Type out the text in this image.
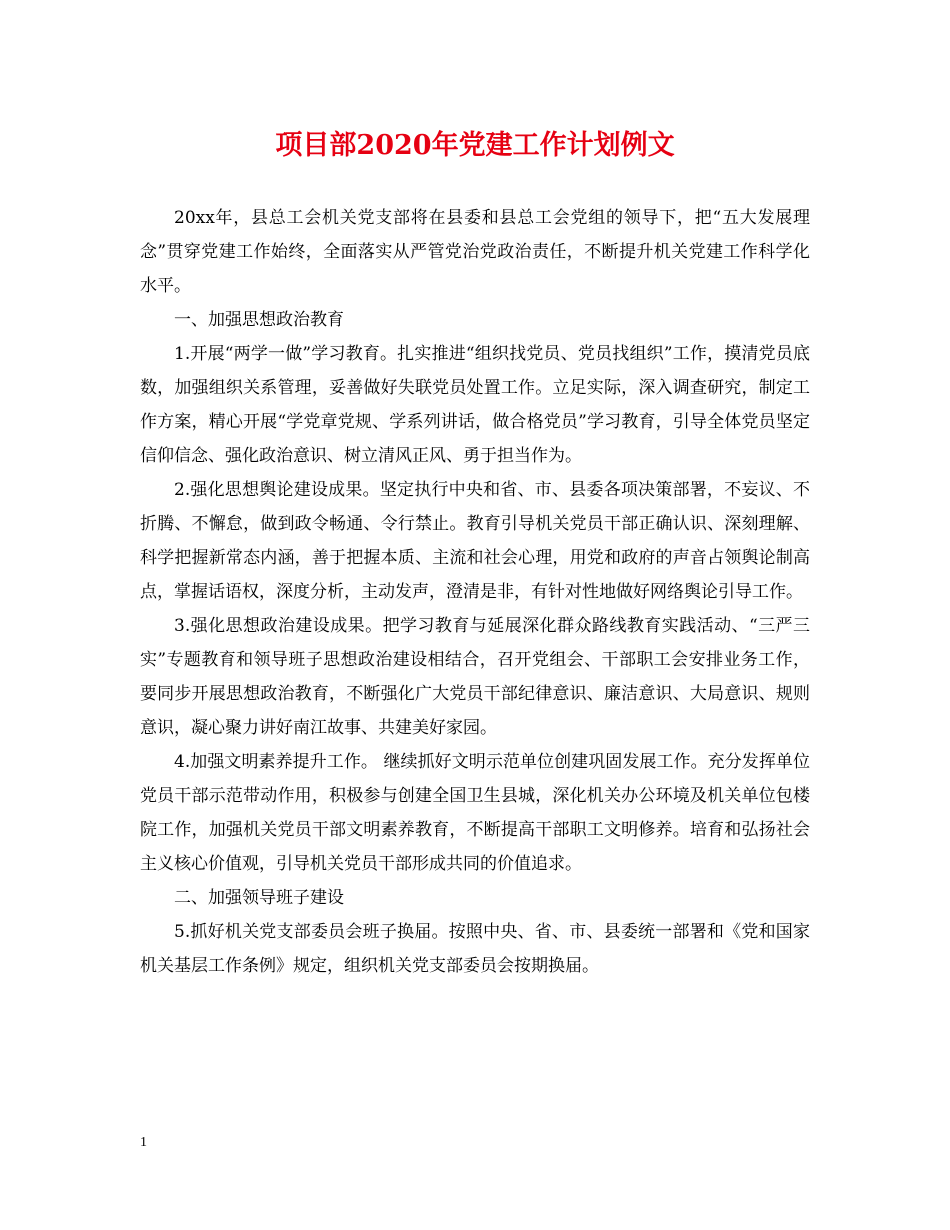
项目部2020年党建工作计划例文

20xx年，县总工会机关党支部将在县委和县总工会党组的领导下，把“五大发展理念”贯穿党建工作始终，全面落实从严管党治党政治责任，不断提升机关党建工作科学化水平。

一、加强思想政治教育

1.开展“两学一做”学习教育。扎实推进“组织找党员、党员找组织”工作，摸清党员底数，加强组织关系管理，妥善做好失联党员处置工作。立足实际，深入调查研究，制定工作方案，精心开展“学党章党规、学系列讲话，做合格党员”学习教育，引导全体党员坚定信仰信念、强化政治意识、树立清风正风、勇于担当作为。

2.强化思想舆论建设成果。坚定执行中央和省、市、县委各项决策部署，不妄议、不折腾、不懈怠，做到政令畅通、令行禁止。教育引导机关党员干部正确认识、深刻理解、科学把握新常态内涵，善于把握本质、主流和社会心理，用党和政府的声音占领舆论制高点，掌握话语权，深度分析，主动发声，澄清是非，有针对性地做好网络舆论引导工作。

3.强化思想政治建设成果。把学习教育与延展深化群众路线教育实践活动、“三严三实”专题教育和领导班子思想政治建设相结合，召开党组会、干部职工会安排业务工作，要同步开展思想政治教育，不断强化广大党员干部纪律意识、廉洁意识、大局意识、规则意识，凝心聚力讲好南江故事、共建美好家园。

4.加强文明素养提升工作。 继续抓好文明示范单位创建巩固发展工作。充分发挥单位党员干部示范带动作用，积极参与创建全国卫生县城，深化机关办公环境及机关单位包楼院工作，加强机关党员干部文明素养教育，不断提高干部职工文明修养。培育和弘扬社会主义核心价值观，引导机关党员干部形成共同的价值追求。

二、加强领导班子建设

5.抓好机关党支部委员会班子换届。按照中央、省、市、县委统一部署和《党和国家机关基层工作条例》规定，组织机关党支部委员会按期换届。

1
